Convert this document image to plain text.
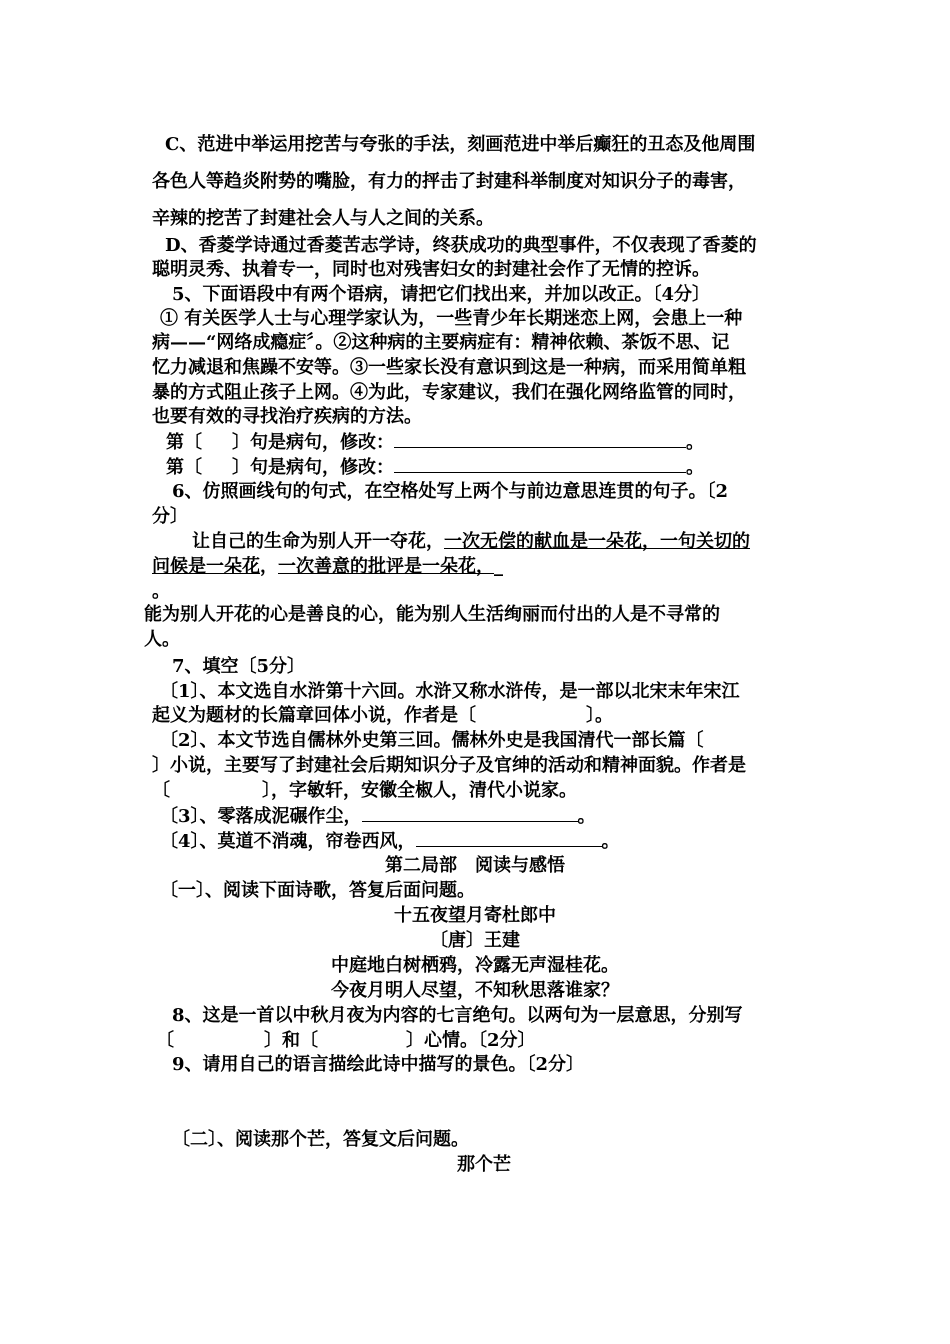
C、范进中举运用挖苦与夸张的手法，刻画范进中举后癫狂的丑态及他周围
各色人等趋炎附势的嘴脸，有力的抨击了封建科举制度对知识分子的毒害，
辛辣的挖苦了封建社会人与人之间的关系。
D、香菱学诗通过香菱苦志学诗，终获成功的典型事件，不仅表现了香菱的
聪明灵秀、执着专一，同时也对残害妇女的封建社会作了无情的控诉。
5、下面语段中有两个语病，请把它们找出来，并加以改正。〔4分〕
① 有关医学人士与心理学家认为，一些青少年长期迷恋上网，会患上一种
病——“网络成瘾症〞。②这种病的主要病症有：精神依赖、茶饭不思、记
忆力减退和焦躁不安等。③一些家长没有意识到这是一种病，而采用简单粗
暴的方式阻止孩子上网。④为此，专家建议，我们在强化网络监管的同时，
也要有效的寻找治疗疾病的方法。
第〔 〕句是病句，修改：	。
第〔 〕句是病句，修改：	。
6、仿照画线句的句式，在空格处写上两个与前边意思连贯的句子。〔2
分〕
让自己的生命为别人开一夺花，一次无偿的献血是一朵花，一句关切的
问候是一朵花，一次善意的批评是一朵花，_
。
能为别人开花的心是善良的心，能为别人生活绚丽而付出的人是不寻常的
人。
7、填空〔5分〕
〔1〕、本文选自水浒第十六回。水浒又称水浒传，是一部以北宋末年宋江
起义为题材的长篇章回体小说，作者是〔	〕。
〔2〕、本文节选自儒林外史第三回。儒林外史是我国清代一部长篇〔
〕小说，主要写了封建社会后期知识分子及官绅的活动和精神面貌。作者是
〔	〕，字敏轩，安徽全椒人，清代小说家。
〔3〕、零落成泥碾作尘，	。
〔4〕、莫道不消魂，帘卷西风，	。
第二局部　阅读与感悟
〔一〕、阅读下面诗歌，答复后面问题。
十五夜望月寄杜郎中
〔唐〕王建
中庭地白树栖鸦，冷露无声湿桂花。
今夜月明人尽望，不知秋思落谁家？
8、这是一首以中秋月夜为内容的七言绝句。以两句为一层意思，分别写
〔	〕和〔	〕心情。〔2分〕
9、请用自己的语言描绘此诗中描写的景色。〔2分〕
〔二〕、阅读那个芒，答复文后问题。
那个芒
